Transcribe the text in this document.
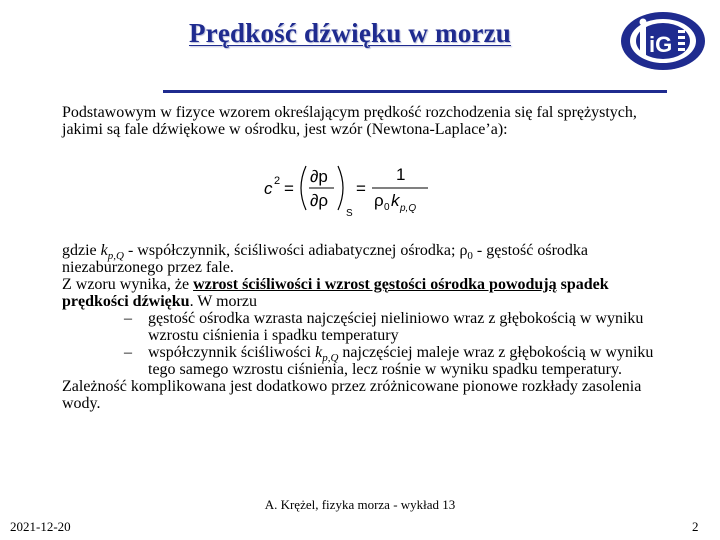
Prędkość dźwięku w morzu	iG

Podstawowym w fizyce wzorem określającym prędkość rozchodzenia się fal sprężystych, jakimi są fale dźwiękowe w ośrodku, jest wzór (Newtona-Laplace’a):

c 2 =
∂p
∂ρ
S
=
1
ρ 0 k p,Q

gdzie $k_{p,Q}$ - współczynnik, ściśliwości adiabatycznej ośrodka; $\rho_0$ - gęstość ośrodka niezaburzonego przez fale.

Z wzoru wynika, że wzrost ściśliwości i wzrost gęstości ośrodka powodują spadek prędkości dźwięku. W morzu

– gęstość ośrodka wzrasta najczęściej nieliniowo wraz z głębokością w wyniku wzrostu ciśnienia i spadku temperatury

– współczynnik ściśliwości $k_{p,Q}$ najczęściej maleje wraz z głębokością w wyniku tego samego wzrostu ciśnienia, lecz rośnie w wyniku spadku temperatury.

Zależność komplikowana jest dodatkowo przez zróżnicowane pionowe rozkłady zasolenia wody.

A. Krężel, fizyka morza - wykład 13
2021-12-20	2
